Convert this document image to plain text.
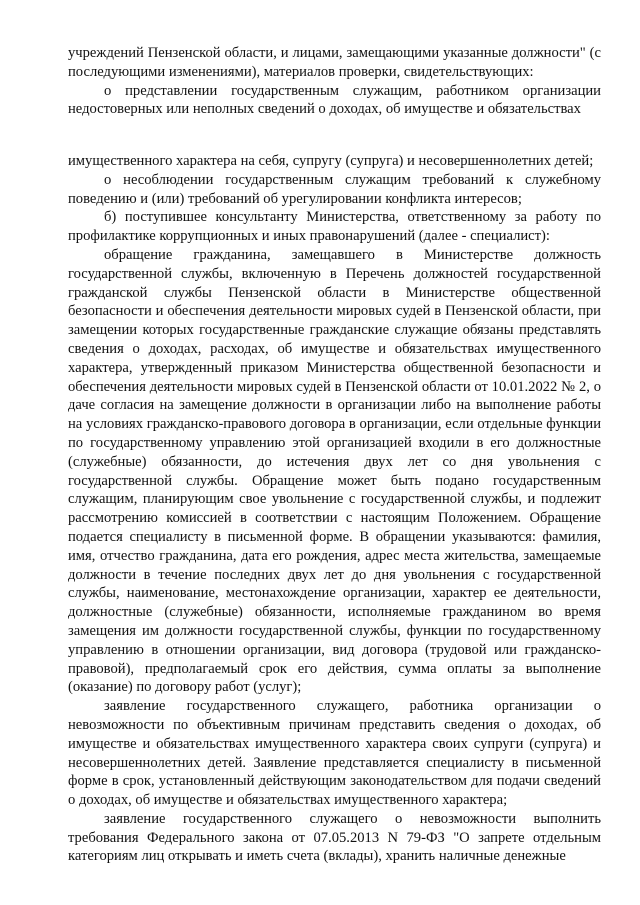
учреждений Пензенской области, и лицами, замещающими указанные должности" (с последующими изменениями), материалов проверки, свидетельствующих:

о представлении государственным служащим, работником организации недостоверных или неполных сведений о доходах, об имуществе и обязательствах

имущественного характера на себя, супругу (супруга) и несовершеннолетних детей;

о несоблюдении государственным служащим требований к служебному поведению и (или) требований об урегулировании конфликта интересов;

б) поступившее консультанту Министерства, ответственному за работу по профилактике коррупционных и иных правонарушений (далее - специалист):

обращение гражданина, замещавшего в Министерстве должность государственной службы, включенную в Перечень должностей государственной гражданской службы Пензенской области в Министерстве общественной безопасности и обеспечения деятельности мировых судей в Пензенской области, при замещении которых государственные гражданские служащие обязаны представлять сведения о доходах, расходах, об имуществе и обязательствах имущественного характера, утвержденный приказом Министерства общественной безопасности и обеспечения деятельности мировых судей в Пензенской области от 10.01.2022 № 2, о даче согласия на замещение должности в организации либо на выполнение работы на условиях гражданско-правового договора в организации, если отдельные функции по государственному управлению этой организацией входили в его должностные (служебные) обязанности, до истечения двух лет со дня увольнения с государственной службы. Обращение может быть подано государственным служащим, планирующим свое увольнение с государственной службы, и подлежит рассмотрению комиссией в соответствии с настоящим Положением. Обращение подается специалисту в письменной форме. В обращении указываются: фамилия, имя, отчество гражданина, дата его рождения, адрес места жительства, замещаемые должности в течение последних двух лет до дня увольнения с государственной службы, наименование, местонахождение организации, характер ее деятельности, должностные (служебные) обязанности, исполняемые гражданином во время замещения им должности государственной службы, функции по государственному управлению в отношении организации, вид договора (трудовой или гражданско-правовой), предполагаемый срок его действия, сумма оплаты за выполнение (оказание) по договору работ (услуг);

заявление государственного служащего, работника организации о невозможности по объективным причинам представить сведения о доходах, об имуществе и обязательствах имущественного характера своих супруги (супруга) и несовершеннолетних детей. Заявление представляется специалисту в письменной форме в срок, установленный действующим законодательством для подачи сведений о доходах, об имуществе и обязательствах имущественного характера;

заявление государственного служащего о невозможности выполнить требования Федерального закона от 07.05.2013 N 79-ФЗ "О запрете отдельным категориям лиц открывать и иметь счета (вклады), хранить наличные денежные
